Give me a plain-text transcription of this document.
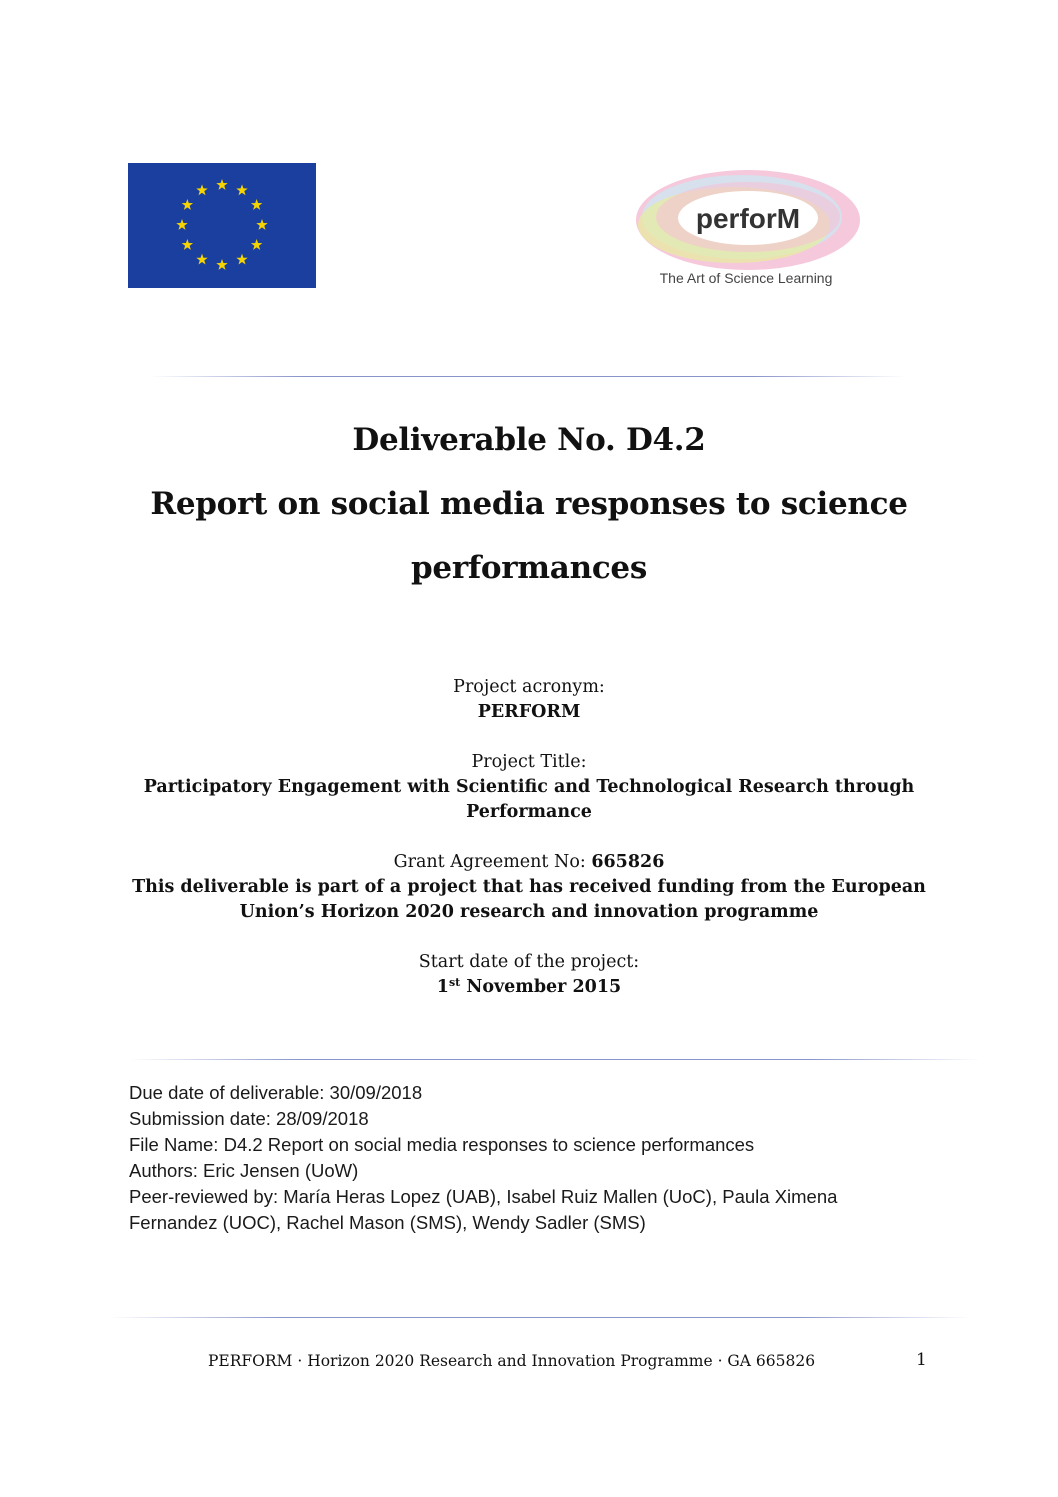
perforM
The Art of Science Learning
Deliverable No. D4.2
Report on social media responses to science
performances
Project acronym:
PERFORM
Project Title:
Participatory Engagement with Scientific and Technological Research through
Performance
Grant Agreement No: 665826
This deliverable is part of a project that has received funding from the European
Union’s Horizon 2020 research and innovation programme
Start date of the project:
1st November 2015
Due date of deliverable: 30/09/2018
Submission date: 28/09/2018
File Name: D4.2 Report on social media responses to science performances
Authors: Eric Jensen (UoW)
Peer-reviewed by: María Heras Lopez (UAB), Isabel Ruiz Mallen (UoC), Paula Ximena
Fernandez (UOC), Rachel Mason (SMS), Wendy Sadler (SMS)
PERFORM · Horizon 2020 Research and Innovation Programme · GA 665826	1
